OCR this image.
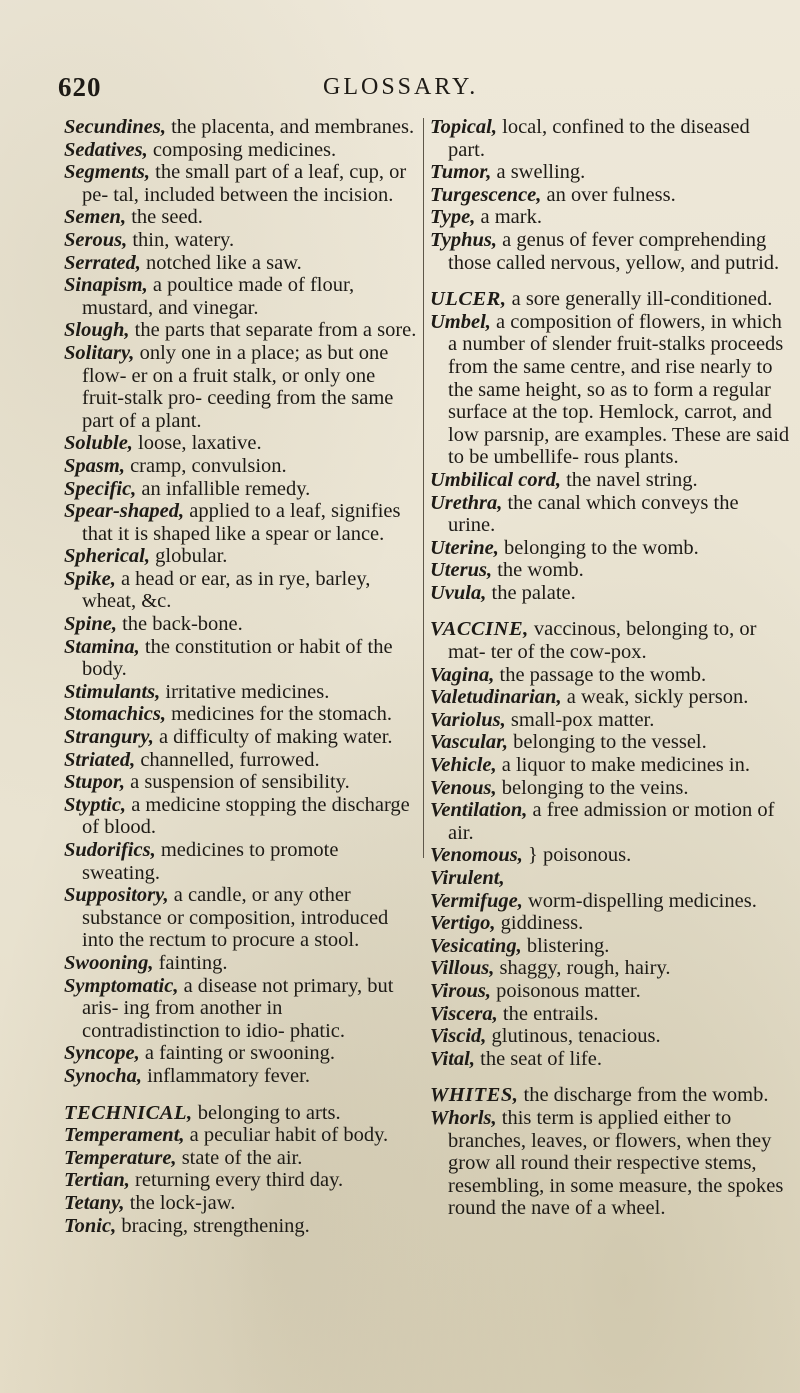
620	GLOSSARY.
Secundines, the placenta, and membranes.
Sedatives, composing medicines.
Segments, the small part of a leaf, cup, or pe- tal, included between the incision.
Semen, the seed.
Serous, thin, watery.
Serrated, notched like a saw.
Sinapism, a poultice made of flour, mustard, and vinegar.
Slough, the parts that separate from a sore.
Solitary, only one in a place; as but one flow- er on a fruit stalk, or only one fruit-stalk pro- ceeding from the same part of a plant.
Soluble, loose, laxative.
Spasm, cramp, convulsion.
Specific, an infallible remedy.
Spear-shaped, applied to a leaf, signifies that it is shaped like a spear or lance.
Spherical, globular.
Spike, a head or ear, as in rye, barley, wheat, &c.
Spine, the back-bone.
Stamina, the constitution or habit of the body.
Stimulants, irritative medicines.
Stomachics, medicines for the stomach.
Strangury, a difficulty of making water.
Striated, channelled, furrowed.
Stupor, a suspension of sensibility.
Styptic, a medicine stopping the discharge of blood.
Sudorifics, medicines to promote sweating.
Suppository, a candle, or any other substance or composition, introduced into the rectum to procure a stool.
Swooning, fainting.
Symptomatic, a disease not primary, but aris- ing from another in contradistinction to idio- phatic.
Syncope, a fainting or swooning.
Synocha, inflammatory fever.
TECHNICAL, belonging to arts.
Temperament, a peculiar habit of body.
Temperature, state of the air.
Tertian, returning every third day.
Tetany, the lock-jaw.
Tonic, bracing, strengthening.
Topical, local, confined to the diseased part.
Tumor, a swelling.
Turgescence, an over fulness.
Type, a mark.
Typhus, a genus of fever comprehending those called nervous, yellow, and putrid.
ULCER, a sore generally ill-conditioned.
Umbel, a composition of flowers, in which a number of slender fruit-stalks proceeds from the same centre, and rise nearly to the same height, so as to form a regular surface at the top. Hemlock, carrot, and low parsnip, are examples. These are said to be umbellife- rous plants.
Umbilical cord, the navel string.
Urethra, the canal which conveys the urine.
Uterine, belonging to the womb.
Uterus, the womb.
Uvula, the palate.
VACCINE, vaccinous, belonging to, or mat- ter of the cow-pox.
Vagina, the passage to the womb.
Valetudinarian, a weak, sickly person.
Variolus, small-pox matter.
Vascular, belonging to the vessel.
Vehicle, a liquor to make medicines in.
Venous, belonging to the veins.
Ventilation, a free admission or motion of air.
Venomous, } poisonous.
Virulent,
Vermifuge, worm-dispelling medicines.
Vertigo, giddiness.
Vesicating, blistering.
Villous, shaggy, rough, hairy.
Virous, poisonous matter.
Viscera, the entrails.
Viscid, glutinous, tenacious.
Vital, the seat of life.
WHITES, the discharge from the womb.
Whorls, this term is applied either to branches, leaves, or flowers, when they grow all round their respective stems, resembling, in some measure, the spokes round the nave of a wheel.
